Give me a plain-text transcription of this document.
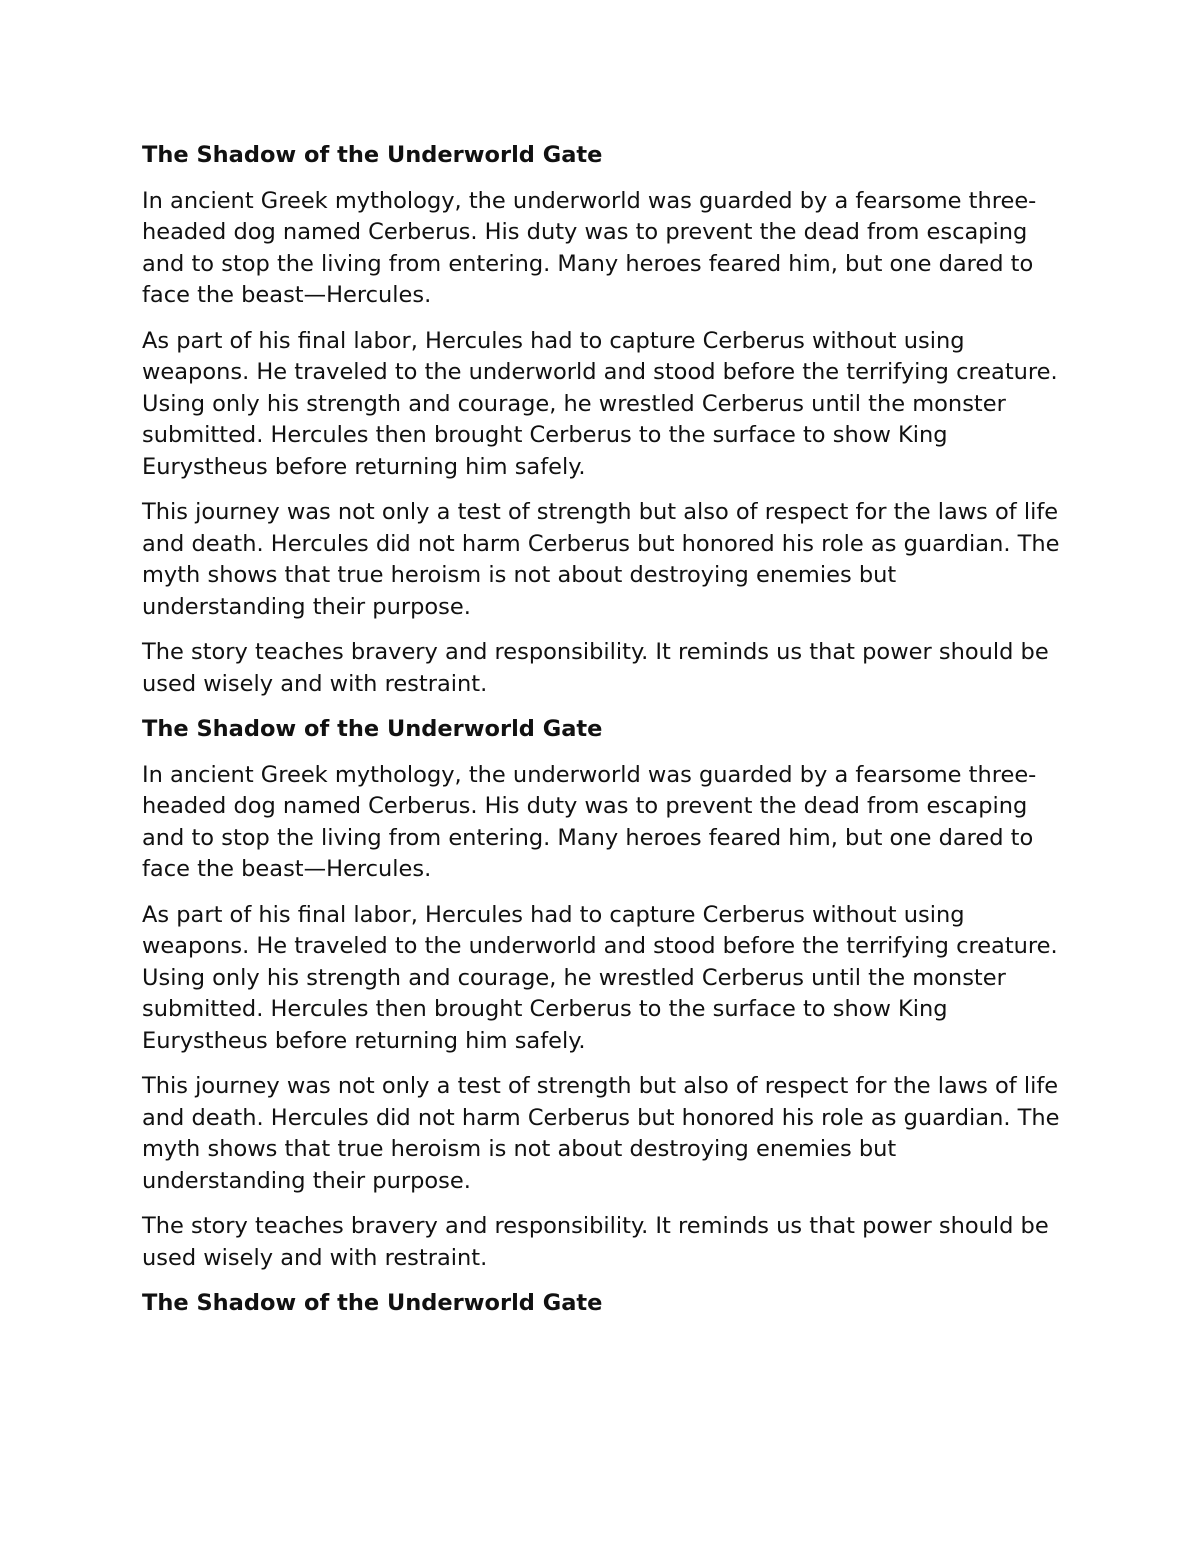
The Shadow of the Underworld Gate

In ancient Greek mythology, the underworld was guarded by a fearsome three-headed dog named Cerberus. His duty was to prevent the dead from escaping and to stop the living from entering. Many heroes feared him, but one dared to face the beast—Hercules.

As part of his final labor, Hercules had to capture Cerberus without using weapons. He traveled to the underworld and stood before the terrifying creature. Using only his strength and courage, he wrestled Cerberus until the monster submitted. Hercules then brought Cerberus to the surface to show King Eurystheus before returning him safely.

This journey was not only a test of strength but also of respect for the laws of life and death. Hercules did not harm Cerberus but honored his role as guardian. The myth shows that true heroism is not about destroying enemies but understanding their purpose.

The story teaches bravery and responsibility. It reminds us that power should be used wisely and with restraint.

The Shadow of the Underworld Gate

In ancient Greek mythology, the underworld was guarded by a fearsome three-headed dog named Cerberus. His duty was to prevent the dead from escaping and to stop the living from entering. Many heroes feared him, but one dared to face the beast—Hercules.

As part of his final labor, Hercules had to capture Cerberus without using weapons. He traveled to the underworld and stood before the terrifying creature. Using only his strength and courage, he wrestled Cerberus until the monster submitted. Hercules then brought Cerberus to the surface to show King Eurystheus before returning him safely.

This journey was not only a test of strength but also of respect for the laws of life and death. Hercules did not harm Cerberus but honored his role as guardian. The myth shows that true heroism is not about destroying enemies but understanding their purpose.

The story teaches bravery and responsibility. It reminds us that power should be used wisely and with restraint.

The Shadow of the Underworld Gate
